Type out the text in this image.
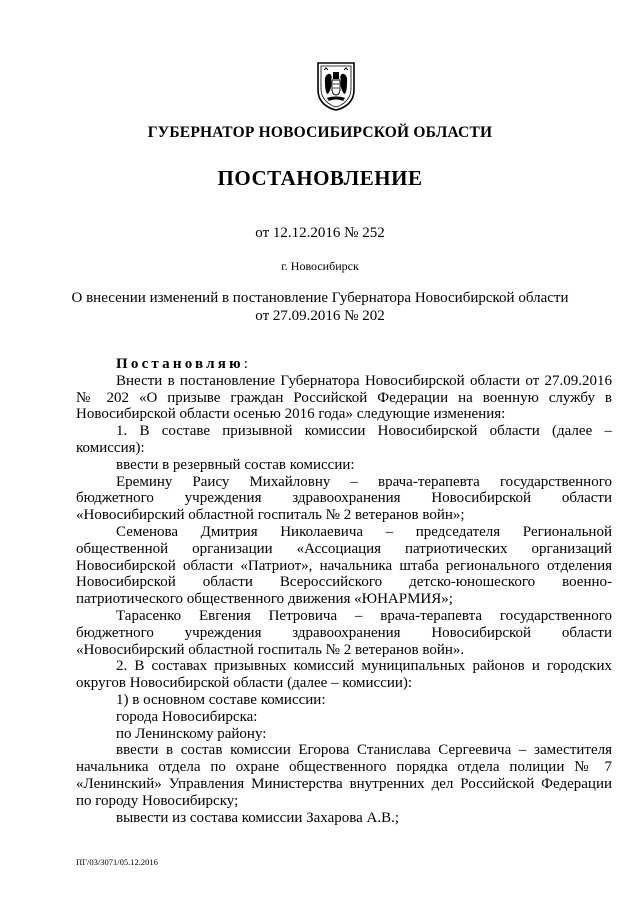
ГУБЕРНАТОР НОВОСИБИРСКОЙ ОБЛАСТИ
ПОСТАНОВЛЕНИЕ
от 12.12.2016 № 252
г. Новосибирск
О внесении изменений в постановление Губернатора Новосибирской области
от 27.09.2016 № 202

Постановляю:

Внести в постановление Губернатора Новосибирской области от 27.09.2016 № 202 «О призыве граждан Российской Федерации на военную службу в Новосибирской области осенью 2016 года» следующие изменения:

1. В составе призывной комиссии Новосибирской области (далее – комиссия):

ввести в резервный состав комиссии:

Еремину Раису Михайловну – врача-терапевта государственного бюджетного учреждения здравоохранения Новосибирской области «Новосибирский областной госпиталь № 2 ветеранов войн»;

Семенова Дмитрия Николаевича – председателя Региональной общественной организации «Ассоциация патриотических организаций Новосибирской области «Патриот», начальника штаба регионального отделения Новосибирской области Всероссийского детско-юношеского военно-патриотического общественного движения «ЮНАРМИЯ»;

Тарасенко Евгения Петровича – врача-терапевта государственного бюджетного учреждения здравоохранения Новосибирской области «Новосибирский областной госпиталь № 2 ветеранов войн».

2. В составах призывных комиссий муниципальных районов и городских округов Новосибирской области (далее – комиссии):

1) в основном составе комиссии:

города Новосибирска:

по Ленинскому району:

ввести в состав комиссии Егорова Станислава Сергеевича – заместителя начальника отдела по охране общественного порядка отдела полиции № 7 «Ленинский» Управления Министерства внутренних дел Российской Федерации по городу Новосибирску;

вывести из состава комиссии Захарова А.В.;

ПГ/03/3071/05.12.2016
